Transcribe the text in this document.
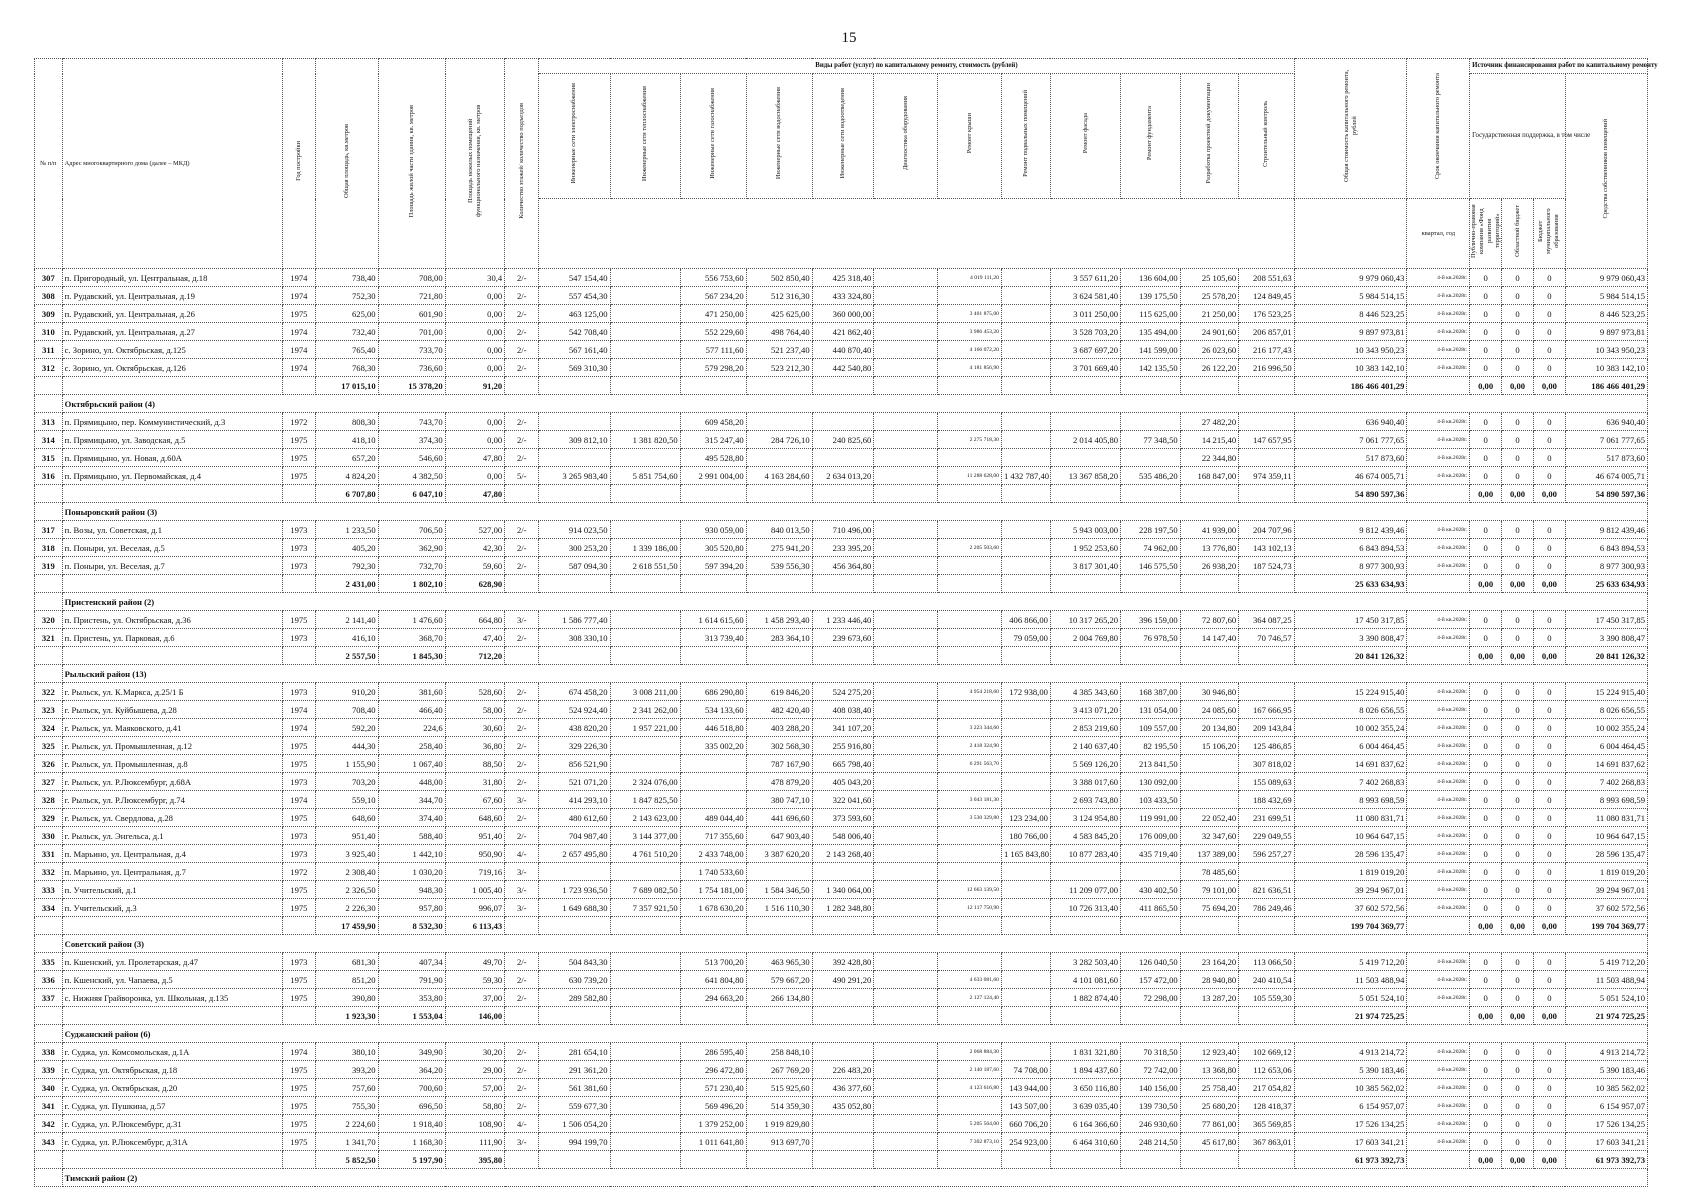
15
№ п/п	Адрес многоквартирного дома (далее – МКД)	Год постройки	Общая площадь, кв.метров	Площадь жилой части здания, кв. метров	Площадь нежилых помещений функционального назначения, кв. метров	Количество этажей/ количество подъездов	Виды работ (услуг) по капитальному ремонту, стоимость (рублей)												Общая стоимость капитального ремонта, рублей	Срок окончания капитального ремонта	Источник финансирования работ по капитальному ремонту			
							Инженерные сети электроснабжения	Инженерные сети теплоснабжения	Инженерные сети газоснабжения	Инженерные сети водоснабжения	Инженерные сети водоотведения	Диагностика оборудования	Ремонт крыши	Ремонт подвальных помещений	Ремонт фасада	Ремонт фундамента	Разработка проектной документации	Строительный контроль			Государственная поддержка, в том числе			Средства собственников помещений
																				квартал, год	Публично-правовая компания «Фонд развития территорий»	Областной бюджет	Бюджет муниципального образования	
307	п. Пригородный, ул. Центральная, д.18	1974	738,40	708,00	30,4	2/-	547 154,40		556 753,60	502 850,40	425 318,40		4 019 111,20		3 557 611,20	136 604,00	25 105,60	208 551,63	9 979 060,43	4-й кв.2028г.	0	0	0	9 979 060,43
308	п. Рудавский, ул. Центральная, д.19	1974	752,30	721,80	0,00	2/-	557 454,30		567 234,20	512 316,30	433 324,80				3 624 581,40	139 175,50	25 578,20	124 849,45	5 984 514,15	4-й кв.2028г.	0	0	0	5 984 514,15
309	п. Рудавский, ул. Центральная, д.26	1975	625,00	601,90	0,00	2/-	463 125,00		471 250,00	425 625,00	360 000,00		3 401 875,00		3 011 250,00	115 625,00	21 250,00	176 523,25	8 446 523,25	4-й кв.2028г.	0	0	0	8 446 523,25
310	п. Рудавский, ул. Центральная, д.27	1974	732,40	701,00	0,00	2/-	542 708,40		552 229,60	498 764,40	421 862,40		3 986 453,20		3 528 703,20	135 494,00	24 901,60	206 857,01	9 897 973,81	4-й кв.2028г.	0	0	0	9 897 973,81
311	с. Зорино, ул. Октябрьская, д.125	1974	765,40	733,70	0,00	2/-	567 161,40		577 111,60	521 237,40	440 870,40		4 166 072,20		3 687 697,20	141 599,00	26 023,60	216 177,43	10 343 950,23	4-й кв.2028г.	0	0	0	10 343 950,23
312	с. Зорино, ул. Октябрьская, д.126	1974	768,30	736,60	0,00	2/-	569 310,30		579 298,20	523 212,30	442 540,80		4 181 856,90		3 701 669,40	142 135,50	26 122,20	216 996,50	10 383 142,10	4-й кв.2028г.	0	0	0	10 383 142,10
			17 015,10	15 378,20	91,20														186 466 401,29		0,00	0,00	0,00	186 466 401,29
	Октябрьский район (4)																							
313	п. Прямицыно, пер. Коммунистический, д.3	1972	808,30	743,70	0,00	2/-			609 458,20								27 482,20		636 940,40	4-й кв.2028г.	0	0	0	636 940,40
314	п. Прямицыно, ул. Заводская, д.5	1975	418,10	374,30	0,00	2/-	309 812,10	1 381 820,50	315 247,40	284 726,10	240 825,60		2 275 718,30		2 014 405,80	77 348,50	14 215,40	147 657,95	7 061 777,65	4-й кв.2028г.	0	0	0	7 061 777,65
315	п. Прямицыно, ул. Новая, д.60А	1975	657,20	546,60	47,80	2/-			495 528,80								22 344,80		517 873,60	4-й кв.2028г.	0	0	0	517 873,60
316	п. Прямицыно, ул. Первомайская, д.4	1975	4 824,20	4 382,50	0,00	5/-	3 265 983,40	5 851 754,60	2 991 004,00	4 163 284,60	2 634 013,20		11 288 628,00	1 432 787,40	13 367 858,20	535 486,20	168 847,00	974 359,11	46 674 005,71	4-й кв.2028г.	0	0	0	46 674 005,71
			6 707,80	6 047,10	47,80														54 890 597,36		0,00	0,00	0,00	54 890 597,36
	Поныровский район (3)																							
317	п. Возы, ул. Советская, д.1	1973	1 233,50	706,50	527,00	2/-	914 023,50		930 059,00	840 013,50	710 496,00				5 943 003,00	228 197,50	41 939,00	204 707,96	9 812 439,46	4-й кв.2028г.	0	0	0	9 812 439,46
318	п. Поныри, ул. Веселая, д.5	1973	405,20	362,90	42,30	2/-	300 253,20	1 339 186,00	305 520,80	275 941,20	233 395,20		2 205 503,60		1 952 253,60	74 962,00	13 776,80	143 102,13	6 843 894,53	4-й кв.2028г.	0	0	0	6 843 894,53
319	п. Поныри, ул. Веселая, д.7	1973	792,30	732,70	59,60	2/-	587 094,30	2 618 551,50	597 394,20	539 556,30	456 364,80				3 817 301,40	146 575,50	26 938,20	187 524,73	8 977 300,93	4-й кв.2028г.	0	0	0	8 977 300,93
			2 431,00	1 802,10	628,90														25 633 634,93		0,00	0,00	0,00	25 633 634,93
	Пристенский район (2)																							
320	п. Пристень, ул. Октябрьская, д.36	1975	2 141,40	1 476,60	664,80	3/-	1 586 777,40		1 614 615,60	1 458 293,40	1 233 446,40			406 866,00	10 317 265,20	396 159,00	72 807,60	364 087,25	17 450 317,85	4-й кв.2028г.	0	0	0	17 450 317,85
321	п. Пристень, ул. Парковая, д.6	1973	416,10	368,70	47,40	2/-	308 330,10		313 739,40	283 364,10	239 673,60			79 059,00	2 004 769,80	76 978,50	14 147,40	70 746,57	3 390 808,47	4-й кв.2028г.	0	0	0	3 390 808,47
			2 557,50	1 845,30	712,20														20 841 126,32		0,00	0,00	0,00	20 841 126,32
	Рыльский район (13)																							
322	г. Рыльск, ул. К.Маркса, д.25/1 Б	1973	910,20	381,60	528,60	2/-	674 458,20	3 008 211,00	686 290,80	619 846,20	524 275,20		4 954 218,60	172 938,00	4 385 343,60	168 387,00	30 946,80		15 224 915,40	4-й кв.2028г.	0	0	0	15 224 915,40
323	г. Рыльск, ул. Куйбышева, д.28	1974	708,40	466,40	58,00	2/-	524 924,40	2 341 262,00	534 133,60	482 420,40	408 038,40				3 413 071,20	131 054,00	24 085,60	167 666,95	8 026 656,55	4-й кв.2028г.	0	0	0	8 026 656,55
324	г. Рыльск, ул. Маяковского, д.41	1974	592,20	224,6	30,60	2/-	438 820,20	1 957 221,00	446 518,80	403 288,20	341 107,20		3 223 344,60		2 853 219,60	109 557,00	20 134,80	209 143,84	10 002 355,24	4-й кв.2028г.	0	0	0	10 002 355,24
325	г. Рыльск, ул. Промышленная, д.12	1975	444,30	258,40	36,80	2/-	329 226,30		335 002,20	302 568,30	255 916,80		2 418 324,90		2 140 637,40	82 195,50	15 106,20	125 486,85	6 004 464,45	4-й кв.2028г.	0	0	0	6 004 464,45
326	г. Рыльск, ул. Промышленная, д.8	1975	1 155,90	1 067,40	88,50	2/-	856 521,90			787 167,90	665 798,40		6 291 563,70		5 569 126,20	213 841,50		307 818,02	14 691 837,62	4-й кв.2028г.	0	0	0	14 691 837,62
327	г. Рыльск, ул. Р.Люксембург, д.68А	1973	703,20	448,00	31,80	2/-	521 071,20	2 324 076,00		478 879,20	405 043,20				3 388 017,60	130 092,00		155 089,63	7 402 268,83	4-й кв.2028г.	0	0	0	7 402 268,83
328	г. Рыльск, ул. Р.Люксембург, д.74	1974	559,10	344,70	67,60	3/-	414 293,10	1 847 825,50		380 747,10	322 041,60		3 043 181,30		2 693 743,80	103 433,50		188 432,69	8 993 698,59	4-й кв.2028г.	0	0	0	8 993 698,59
329	г. Рыльск, ул. Свердлова, д.28	1975	648,60	374,40	648,60	2/-	480 612,60	2 143 623,00	489 044,40	441 696,60	373 593,60		3 530 329,80	123 234,00	3 124 954,80	119 991,00	22 052,40	231 699,51	11 080 831,71	4-й кв.2028г.	0	0	0	11 080 831,71
330	г. Рыльск, ул. Энгельса, д.1	1973	951,40	588,40	951,40	2/-	704 987,40	3 144 377,00	717 355,60	647 903,40	548 006,40			180 766,00	4 583 845,20	176 009,00	32 347,60	229 049,55	10 964 647,15	4-й кв.2028г.	0	0	0	10 964 647,15
331	п. Марьино, ул. Центральная, д.4	1973	3 925,40	1 442,10	950,90	4/-	2 657 495,80	4 761 510,20	2 433 748,00	3 387 620,20	2 143 268,40			1 165 843,80	10 877 283,40	435 719,40	137 389,00	596 257,27	28 596 135,47	4-й кв.2028г.	0	0	0	28 596 135,47
332	п. Марьино, ул. Центральная, д.7	1972	2 308,40	1 030,20	719,16	3/-			1 740 533,60								78 485,60		1 819 019,20	4-й кв.2028г.	0	0	0	1 819 019,20
333	п. Учительский, д.1	1975	2 326,50	948,30	1 005,40	3/-	1 723 936,50	7 689 082,50	1 754 181,00	1 584 346,50	1 340 064,00		12 663 139,50		11 209 077,00	430 402,50	79 101,00	821 636,51	39 294 967,01	4-й кв.2028г.	0	0	0	39 294 967,01
334	п. Учительский, д.3	1975	2 226,30	957,80	996,07	3/-	1 649 688,30	7 357 921,50	1 678 630,20	1 516 110,30	1 282 348,80		12 117 750,90		10 726 313,40	411 865,50	75 694,20	786 249,46	37 602 572,56	4-й кв.2028г.	0	0	0	37 602 572,56
			17 459,90	8 532,30	6 113,43														199 704 369,77		0,00	0,00	0,00	199 704 369,77
	Советский район (3)																							
335	п. Кшенский, ул. Пролетарская, д.47	1973	681,30	407,34	49,70	2/-	504 843,30		513 700,20	463 965,30	392 428,80				3 282 503,40	126 040,50	23 164,20	113 066,50	5 419 712,20	4-й кв.2028г.	0	0	0	5 419 712,20
336	п. Кшенский, ул. Чапаева, д.5	1975	851,20	791,90	59,30	2/-	630 739,20		641 804,80	579 667,20	490 291,20		4 633 081,60		4 101 081,60	157 472,00	28 940,80	240 410,54	11 503 488,94	4-й кв.2028г.	0	0	0	11 503 488,94
337	с. Нижняя Грайворонка, ул. Школьная, д.135	1975	390,80	353,80	37,00	2/-	289 582,80		294 663,20	266 134,80			2 127 124,40		1 882 874,40	72 298,00	13 287,20	105 559,30	5 051 524,10	4-й кв.2028г.	0	0	0	5 051 524,10
			1 923,30	1 553,04	146,00														21 974 725,25		0,00	0,00	0,00	21 974 725,25
	Суджанский район (6)																							
338	г. Суджа, ул. Комсомольская, д.1А	1974	380,10	349,90	30,20	2/-	281 654,10		286 595,40	258 848,10			2 068 884,30		1 831 321,80	70 318,50	12 923,40	102 669,12	4 913 214,72	4-й кв.2028г.	0	0	0	4 913 214,72
339	г. Суджа, ул. Октябрьская, д.18	1975	393,20	364,20	29,00	2/-	291 361,20		296 472,80	267 769,20	226 483,20		2 140 187,60	74 708,00	1 894 437,60	72 742,00	13 368,80	112 653,06	5 390 183,46	4-й кв.2028г.	0	0	0	5 390 183,46
340	г. Суджа, ул. Октябрьская, д.20	1975	757,60	700,60	57,00	2/-	561 381,60		571 230,40	515 925,60	436 377,60		4 123 616,80	143 944,00	3 650 116,80	140 156,00	25 758,40	217 054,82	10 385 562,02	4-й кв.2028г.	0	0	0	10 385 562,02
341	г. Суджа, ул. Пушкина, д.57	1975	755,30	696,50	58,80	2/-	559 677,30		569 496,20	514 359,30	435 052,80			143 507,00	3 639 035,40	139 730,50	25 680,20	128 418,37	6 154 957,07	4-й кв.2028г.	0	0	0	6 154 957,07
342	г. Суджа, ул. Р.Люксембург, д.31	1975	2 224,60	1 918,40	108,90	4/-	1 506 054,20		1 379 252,00	1 919 829,80			5 205 564,00	660 706,20	6 164 366,60	246 930,60	77 861,00	365 569,85	17 526 134,25	4-й кв.2028г.	0	0	0	17 526 134,25
343	г. Суджа, ул. Р.Люксембург, д.31А	1975	1 341,70	1 168,30	111,90	3/-	994 199,70		1 011 641,80	913 697,70			7 302 873,10	254 923,00	6 464 310,60	248 214,50	45 617,80	367 863,01	17 603 341,21	4-й кв.2028г.	0	0	0	17 603 341,21
			5 852,50	5 197,90	395,80														61 973 392,73		0,00	0,00	0,00	61 973 392,73
	Тимский район (2)																							
